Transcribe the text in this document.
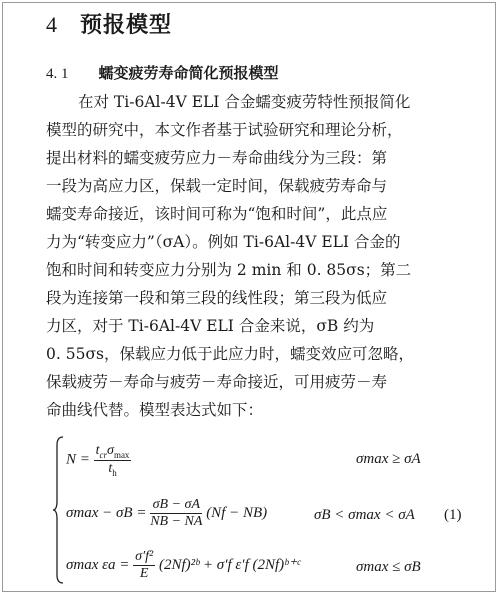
4 预报模型
4. 1 蠕变疲劳寿命简化预报模型
在对 Ti-6Al-4V ELI 合金蠕变疲劳特性预报简化
模型的研究中，本文作者基于试验研究和理论分析，
提出材料的蠕变疲劳应力－寿命曲线分为三段：第
一段为高应力区，保载一定时间，保载疲劳寿命与
蠕变寿命接近，该时间可称为“饱和时间”，此点应
力为“转变应力”（σA）。例如 Ti-6Al-4V ELI 合金的
饱和时间和转变应力分别为 2 min 和 0. 85σs；第二
段为连接第一段和第三段的线性段；第三段为低应
力区，对于 Ti-6Al-4V ELI 合金来说，σB 约为
0. 55σs，保载应力低于此应力时，蠕变效应可忽略，
保载疲劳－寿命与疲劳－寿命接近，可用疲劳－寿
命曲线代替。模型表达式如下：
$N = \frac{t_{cr}\sigma_{max}}{t_h}$	σmax ≥ σA
$\sigma\max - \sigma B = \frac{\sigma B - \sigma A}{NB - NA} (Nf - NB)$	σB < σmax < σA (1)
σmax $\varepsilon a = \frac{\text{σ′f²}}{E}$ (2Nf)²ᵇ + σ′f ε′f (2Nf)ᵇ⁺ᶜ	σmax ≤ σB
